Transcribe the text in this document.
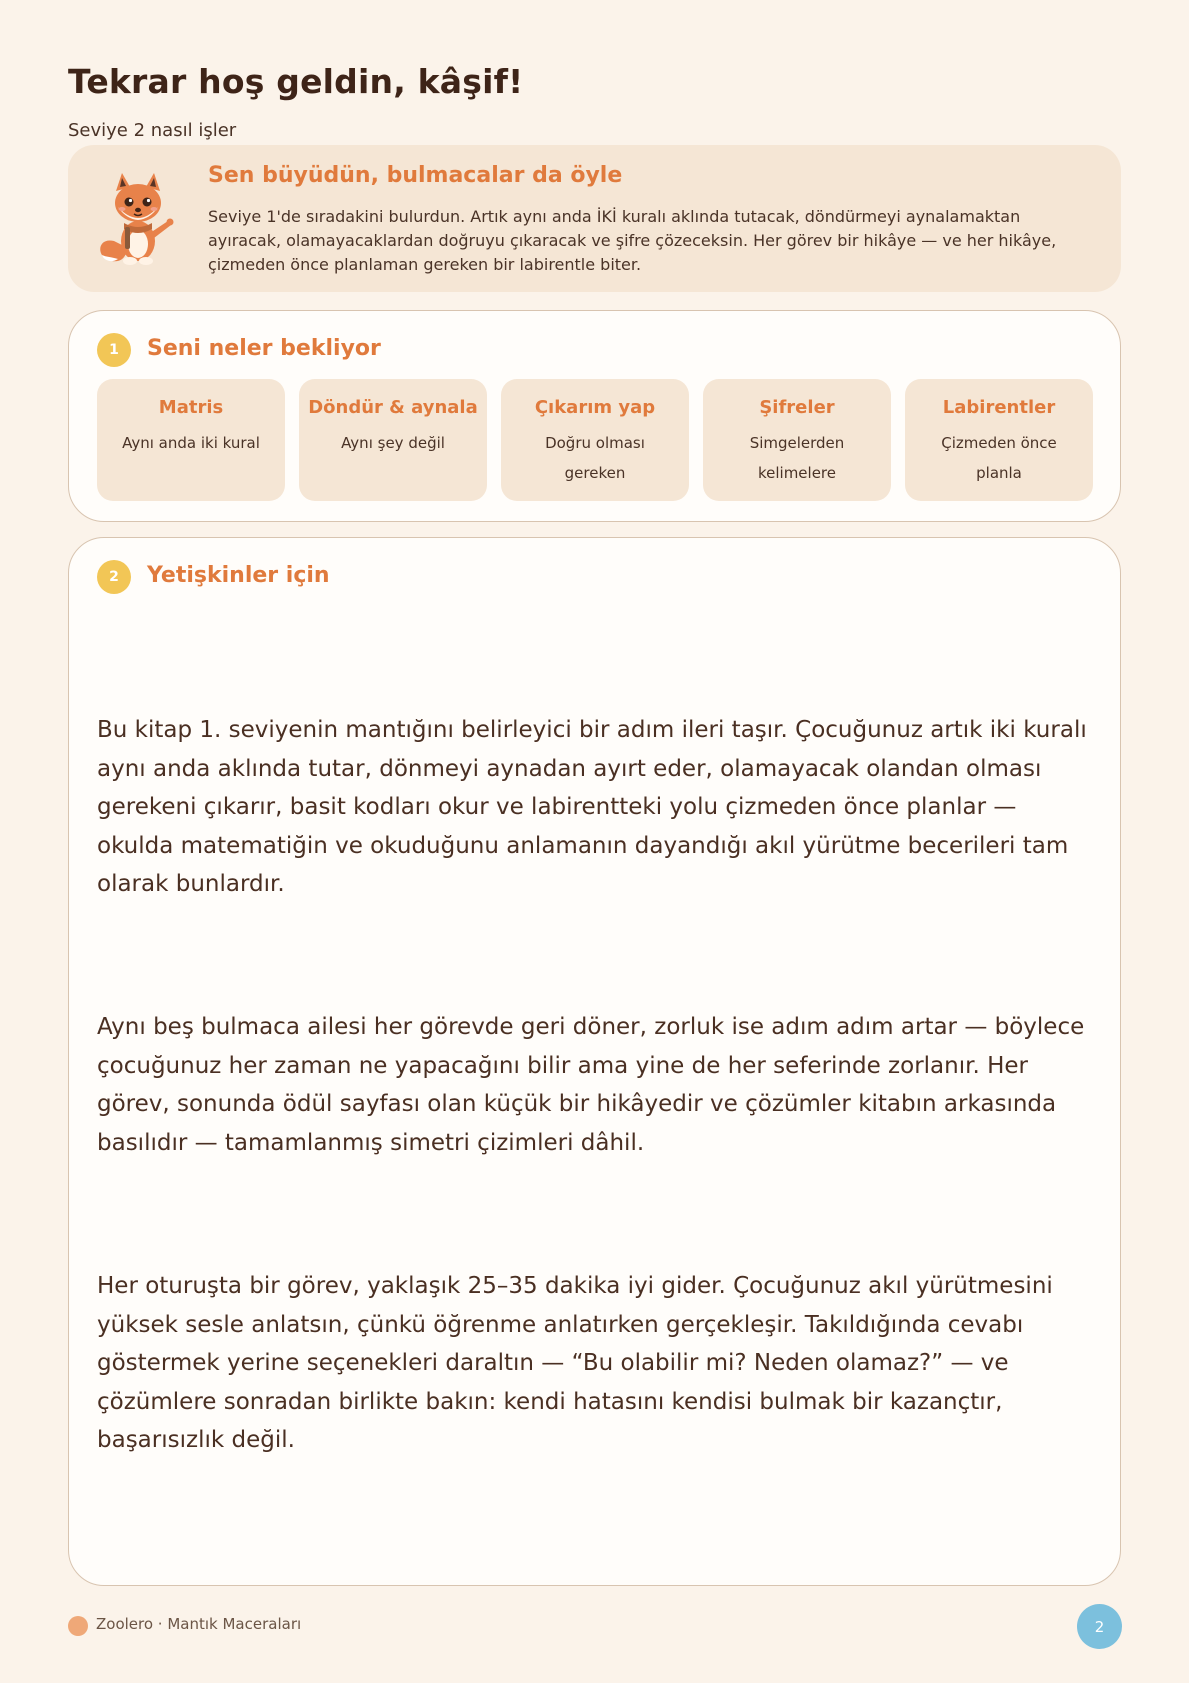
Tekrar hoş geldin, kâşif!
Seviye 2 nasıl işler
Sen büyüdün, bulmacalar da öyle
Seviye 1'de sıradakini bulurdun. Artık aynı anda İKİ kuralı aklında tutacak, döndürmeyi aynalamaktan ayıracak, olamayacaklardan doğruyu çıkaracak ve şifre çözeceksin. Her görev bir hikâye — ve her hikâye, çizmeden önce planlaman gereken bir labirentle biter.
1	Seni neler bekliyor
Matris
Aynı anda iki kural
Döndür & aynala
Aynı şey değil
Çıkarım yap
Doğru olması gereken
Şifreler
Simgelerden kelimelere
Labirentler
Çizmeden önce planla
2	Yetişkinler için

Bu kitap 1. seviyenin mantığını belirleyici bir adım ileri taşır. Çocuğunuz artık iki kuralı aynı anda aklında tutar, dönmeyi aynadan ayırt eder, olamayacak olandan olması gerekeni çıkarır, basit kodları okur ve labirentteki yolu çizmeden önce planlar — okulda matematiğin ve okuduğunu anlamanın dayandığı akıl yürütme becerileri tam olarak bunlardır.

Aynı beş bulmaca ailesi her görevde geri döner, zorluk ise adım adım artar — böylece çocuğunuz her zaman ne yapacağını bilir ama yine de her seferinde zorlanır. Her görev, sonunda ödül sayfası olan küçük bir hikâyedir ve çözümler kitabın arkasında basılıdır — tamamlanmış simetri çizimleri dâhil.

Her oturuşta bir görev, yaklaşık 25–35 dakika iyi gider. Çocuğunuz akıl yürütmesini yüksek sesle anlatsın, çünkü öğrenme anlatırken gerçekleşir. Takıldığında cevabı göstermek yerine seçenekleri daraltın — “Bu olabilir mi? Neden olamaz?” — ve çözümlere sonradan birlikte bakın: kendi hatasını kendisi bulmak bir kazançtır, başarısızlık değil.

Zoolero · Mantık Maceraları	2
